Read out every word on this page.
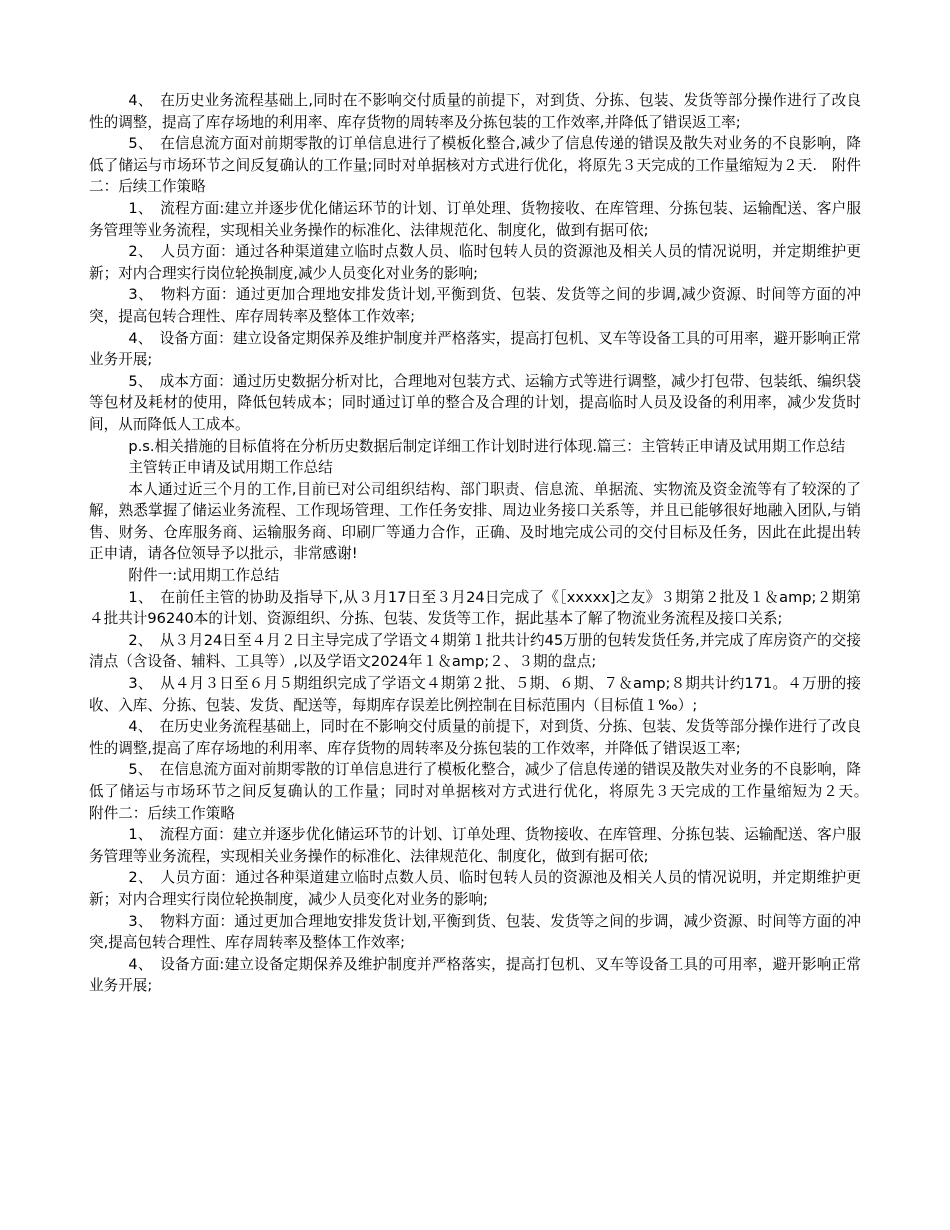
4、　在历史业务流程基础上,同时在不影响交付质量的前提下，对到货、分拣、包装、发货等部分操作进行了改良性的调整，提高了库存场地的利用率、库存货物的周转率及分拣包装的工作效率,并降低了错误返工率;

5、　在信息流方面对前期零散的订单信息进行了模板化整合,减少了信息传递的错误及散失对业务的不良影响，降低了储运与市场环节之间反复确认的工作量;同时对单据核对方式进行优化，将原先３天完成的工作量缩短为２天.　附件二：后续工作策略

1、　流程方面:建立并逐步优化储运环节的计划、订单处理、货物接收、在库管理、分拣包装、运输配送、客户服务管理等业务流程，实现相关业务操作的标准化、法律规范化、制度化，做到有据可依;

2、　人员方面：通过各种渠道建立临时点数人员、临时包转人员的资源池及相关人员的情况说明，并定期维护更新；对内合理实行岗位轮换制度,减少人员变化对业务的影响;

3、　物料方面：通过更加合理地安排发货计划,平衡到货、包装、发货等之间的步调,减少资源、时间等方面的冲突，提高包转合理性、库存周转率及整体工作效率;

4、　设备方面：建立设备定期保养及维护制度并严格落实，提高打包机、叉车等设备工具的可用率，避开影响正常业务开展;

5、　成本方面：通过历史数据分析对比，合理地对包装方式、运输方式等进行调整，减少打包带、包装纸、编织袋等包材及耗材的使用，降低包转成本；同时通过订单的整合及合理的计划，提高临时人员及设备的利用率，减少发货时间，从而降低人工成本。

p.s.相关措施的目标值将在分析历史数据后制定详细工作计划时进行体现.篇三：主管转正申请及试用期工作总结

主管转正申请及试用期工作总结

本人通过近三个月的工作,目前已对公司组织结构、部门职责、信息流、单据流、实物流及资金流等有了较深的了解，熟悉掌握了储运业务流程、工作现场管理、工作任务安排、周边业务接口关系等，并且已能够很好地融入团队,与销售、财务、仓库服务商、运输服务商、印刷厂等通力合作，正确、及时地完成公司的交付目标及任务，因此在此提出转正申请，请各位领导予以批示，非常感谢!

附件一:试用期工作总结

1、　在前任主管的协助及指导下,从３月17日至３月24日完成了《［xxxxx]之友》３期第２批及１＆amp;２期第４批共计96240本的计划、资源组织、分拣、包装、发货等工作，据此基本了解了物流业务流程及接口关系;

2、　从３月24日至４月２日主导完成了学语文４期第１批共计约45万册的包转发货任务,并完成了库房资产的交接清点（含设备、辅料、工具等）,以及学语文2024年１＆amp;２、３期的盘点;

3、　从４月３日至６月５期组织完成了学语文４期第２批、５期、６期、７＆amp;８期共计约171。４万册的接收、入库、分拣、包装、发货、配送等，每期库存误差比例控制在目标范围内（目标值１‰）;

4、　在历史业务流程基础上，同时在不影响交付质量的前提下，对到货、分拣、包装、发货等部分操作进行了改良性的调整,提高了库存场地的利用率、库存货物的周转率及分拣包装的工作效率，并降低了错误返工率;

5、　在信息流方面对前期零散的订单信息进行了模板化整合，减少了信息传递的错误及散失对业务的不良影响，降低了储运与市场环节之间反复确认的工作量；同时对单据核对方式进行优化，将原先３天完成的工作量缩短为２天。　　附件二：后续工作策略

1、　流程方面：建立并逐步优化储运环节的计划、订单处理、货物接收、在库管理、分拣包装、运输配送、客户服务管理等业务流程，实现相关业务操作的标准化、法律规范化、制度化，做到有据可依;

2、　人员方面：通过各种渠道建立临时点数人员、临时包转人员的资源池及相关人员的情况说明，并定期维护更新；对内合理实行岗位轮换制度，减少人员变化对业务的影响;

3、　物料方面：通过更加合理地安排发货计划,平衡到货、包装、发货等之间的步调，减少资源、时间等方面的冲突,提高包转合理性、库存周转率及整体工作效率;

4、　设备方面:建立设备定期保养及维护制度并严格落实，提高打包机、叉车等设备工具的可用率，避开影响正常业务开展;
